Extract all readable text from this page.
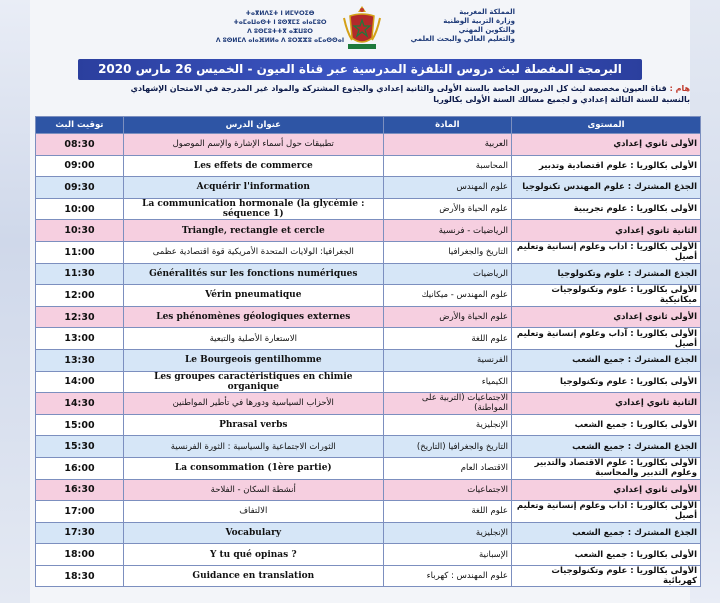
ⵜⴰⴳⵍⴷⵉⵜ ⵏ ⵍⵎⵖⵔⵉⴱ
ⵜⴰⵎⴰⵡⴰⵙⵜ ⵏ ⵓⵙⴳⵎⵉ ⴰⵏⴰⵎⵓⵔ
ⴷ ⵓⵙⵎⵓⵜⵜⴳ ⴰⵣⵡⵓⵔ
ⴷ ⵓⵙⵍⵎⴷ ⴰⵏⴰⴼⵍⵍⴰ ⴷ ⵓⵔⵣⵣⵓ ⴰⵎⴰⵙⵙⴰⵏ
المملكة المغربية
وزارة التربية الوطنية
والتكوين المهني
والتعليم العالي والبحث العلمي
البرمجة المفصلة لبث دروس التلفزة المدرسية عبر قناة العيون - الخميس 26 مارس 2020
هام : قناة العيون مخصصة لبث كل الدروس الخاصة بالسنة الأولى والثانية إعدادي والجذوع المشتركة والمواد غير المدرجة في الامتحان الإشهادي
بالنسبة للسنة الثالثة إعدادي و لجميع مسالك السنة الأولى بكالوريا
توقيت البث	عنوان الدرس	المادة	المستوى
08:30	تطبيقات حول أسماء الإشارة والإسم الموصول	العربية	الأولى ثانوي إعدادي
09:00	Les effets de commerce	المحاسبة	الأولى بكالوريا : علوم اقتصادية وتدبير
09:30	Acquérir l'information	علوم المهندس	الجذع المشترك : علوم المهندس تكنولوجيا
10:00	La communication hormonale (la glycémie : séquence 1)	علوم الحياة والأرض	الأولى بكالوريا : علوم تجريبية
10:30	Triangle, rectangle et cercle	الرياضيات - فرنسية	الثانية ثانوي إعدادي
11:00	الجغرافيا: الولايات المتحدة الأمريكية قوة اقتصادية عظمى	التاريخ والجغرافيا	الأولى بكالوريا : آداب وعلوم إنسانية وتعليم أصيل
11:30	Généralités sur les fonctions numériques	الرياضيات	الجذع المشترك : علوم وتكنولوجيا
12:00	Vérin pneumatique	علوم المهندس - ميكانيك	الأولى بكالوريا : علوم وتكنولوجيات ميكانيكية
12:30	Les phénomènes géologiques externes	علوم الحياة والأرض	الأولى ثانوي إعدادي
13:00	الاستعارة الأصلية والتبعية	علوم اللغة	الأولى بكالوريا : آداب وعلوم إنسانية وتعليم أصيل
13:30	Le Bourgeois gentilhomme	الفرنسية	الجذع المشترك : جميع الشعب
14:00	Les groupes caractéristiques en chimie organique	الكيمياء	الأولى بكالوريا : علوم وتكنولوجيا
14:30	الأحزاب السياسية ودورها في تأطير المواطنين	الاجتماعيات (التربية على المواطنة)	الثانية ثانوي إعدادي
15:00	Phrasal verbs	الإنجليزية	الأولى بكالوريا : جميع الشعب
15:30	الثورات الاجتماعية والسياسية : الثورة الفرنسية	التاريخ والجغرافيا (التاريخ)	الجذع المشترك : جميع الشعب
16:00	La consommation (1ère partie)	الاقتصاد العام	الأولى بكالوريا : علوم الاقتصاد والتدبير وعلوم التدبير والمحاسبة
16:30	أنشطة السكان - الفلاحة	الاجتماعيات	الأولى ثانوي إعدادي
17:00	الالتفاف	علوم اللغة	الأولى بكالوريا : آداب وعلوم إنسانية وتعليم أصيل
17:30	Vocabulary	الإنجليزية	الجذع المشترك : جميع الشعب
18:00	Y tu qué opinas ?	الإسبانية	الأولى بكالوريا : جميع الشعب
18:30	Guidance en translation	علوم المهندس : كهرباء	الأولى بكالوريا : علوم وتكنولوجيات كهربائية
